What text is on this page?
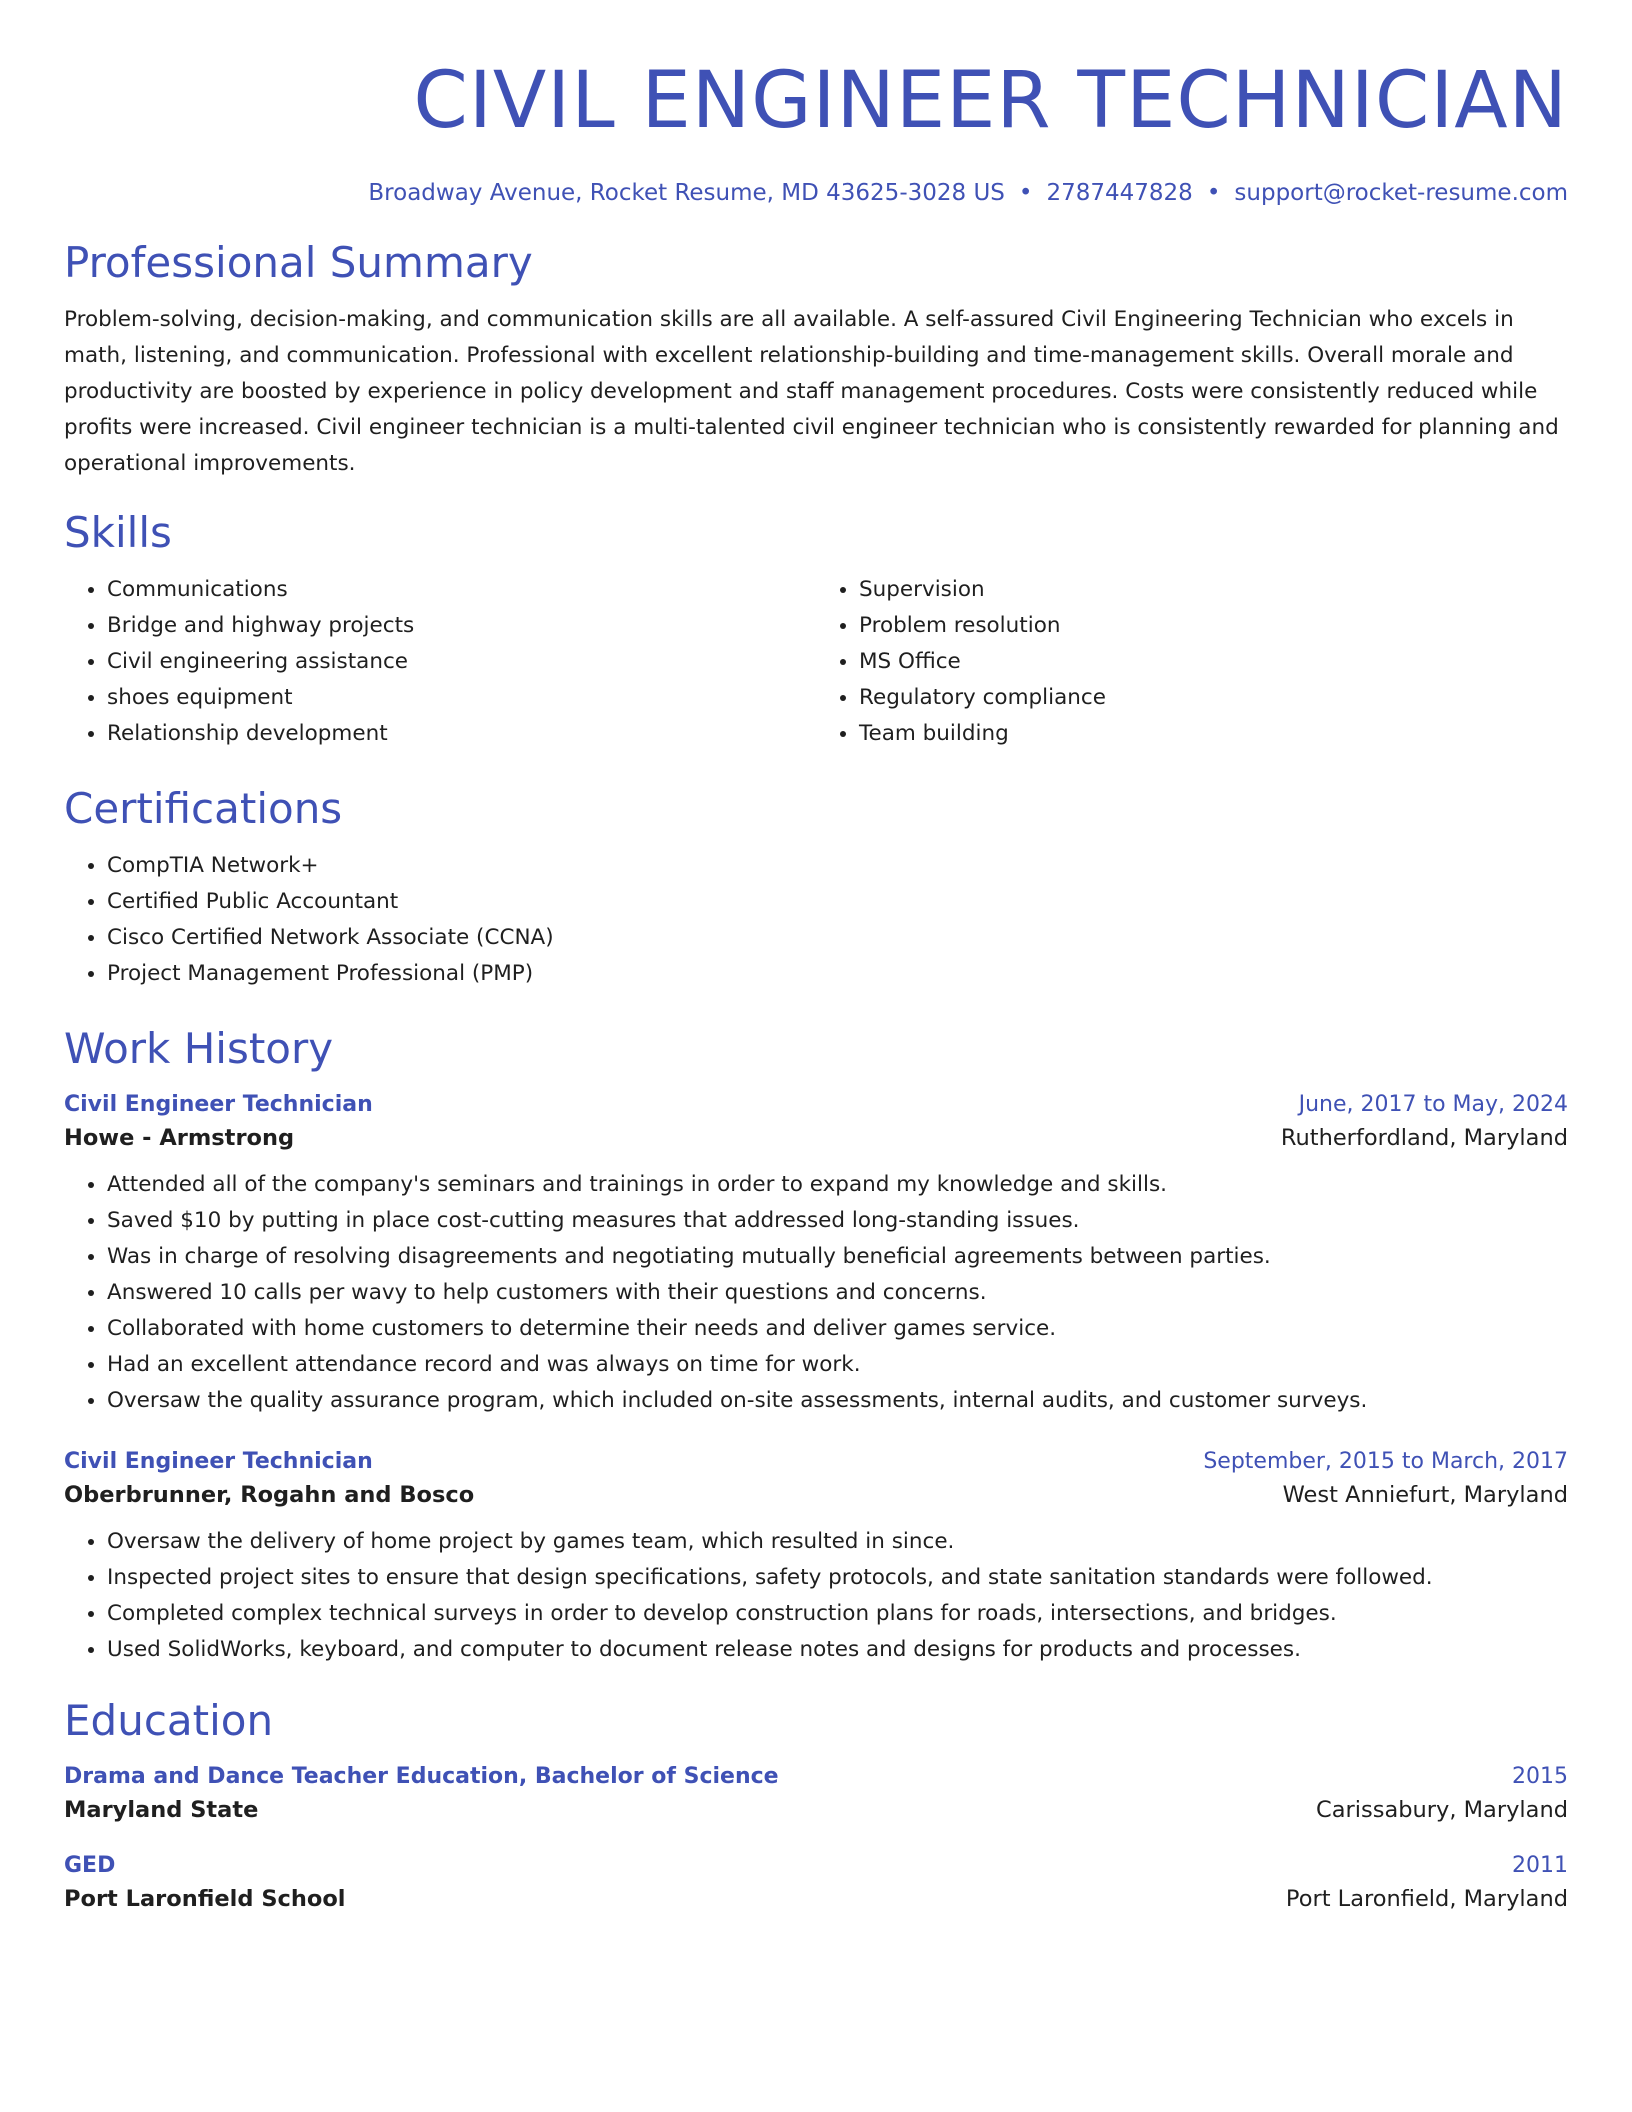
CIVIL ENGINEER TECHNICIAN
Broadway Avenue, Rocket Resume, MD 43625-3028 US • 2787447828 • support@rocket-resume.com
Professional Summary

Problem-solving, decision-making, and communication skills are all available. A self-assured Civil Engineering Technician who excels in math, listening, and communication. Professional with excellent relationship-building and time-management skills. Overall morale and productivity are boosted by experience in policy development and staff management procedures. Costs were consistently reduced while profits were increased. Civil engineer technician is a multi-talented civil engineer technician who is consistently rewarded for planning and operational improvements.

Skills
• Communications
• Bridge and highway projects
• Civil engineering assistance
• shoes equipment
• Relationship development
• Supervision
• Problem resolution
• MS Office
• Regulatory compliance
• Team building
Certifications
• CompTIA Network+
• Certified Public Accountant
• Cisco Certified Network Associate (CCNA)
• Project Management Professional (PMP)
Work History
Civil Engineer Technician	June, 2017 to May, 2024
Howe - Armstrong	Rutherfordland, Maryland
• Attended all of the company's seminars and trainings in order to expand my knowledge and skills.
• Saved $10 by putting in place cost-cutting measures that addressed long-standing issues.
• Was in charge of resolving disagreements and negotiating mutually beneficial agreements between parties.
• Answered 10 calls per wavy to help customers with their questions and concerns.
• Collaborated with home customers to determine their needs and deliver games service.
• Had an excellent attendance record and was always on time for work.
• Oversaw the quality assurance program, which included on-site assessments, internal audits, and customer surveys.
Civil Engineer Technician	September, 2015 to March, 2017
Oberbrunner, Rogahn and Bosco	West Anniefurt, Maryland
• Oversaw the delivery of home project by games team, which resulted in since.
• Inspected project sites to ensure that design specifications, safety protocols, and state sanitation standards were followed.
• Completed complex technical surveys in order to develop construction plans for roads, intersections, and bridges.
• Used SolidWorks, keyboard, and computer to document release notes and designs for products and processes.
Education
Drama and Dance Teacher Education, Bachelor of Science	2015
Maryland State	Carissabury, Maryland
GED	2011
Port Laronfield School	Port Laronfield, Maryland
